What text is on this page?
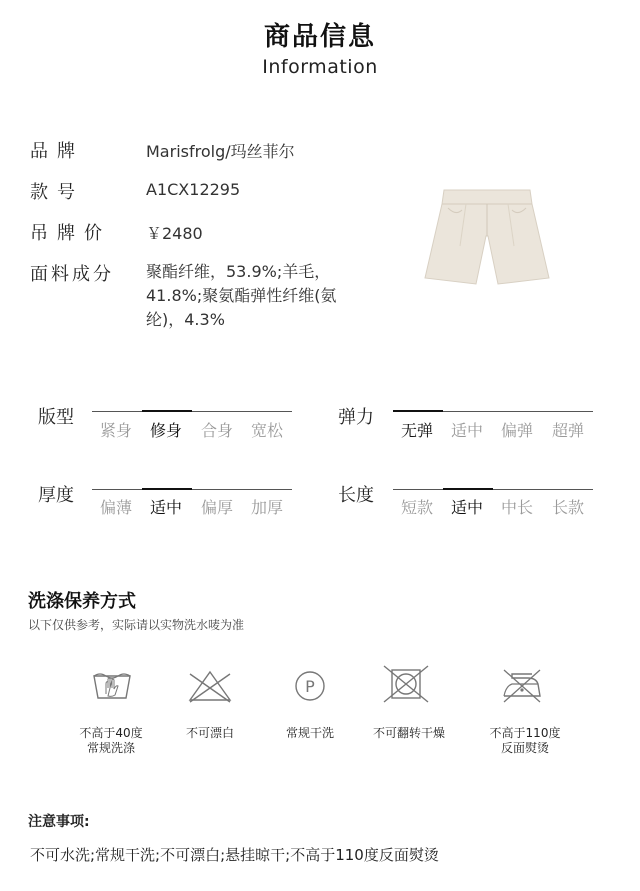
商品信息
Information
品牌	Marisfrolg/玛丝菲尔
款号	A1CX12295
吊牌价 ￥2480
面料成分 聚酯纤维，53.9%;羊毛，41.8%;聚氨酯弹性纤维(氨纶)，4.3%
版型
紧身	修身	合身	宽松
弹力
无弹	适中	偏弹	超弹
厚度
偏薄	适中	偏厚	加厚
长度
短款	适中	中长	长款
洗涤保养方式
以下仅供参考，实际请以实物洗水唛为准
P
不高于40度
常规洗涤
不可漂白	常规干洗	不可翻转干燥	不高于110度
反面熨烫
注意事项:
不可水洗;常规干洗;不可漂白;悬挂晾干;不高于110度反面熨烫
